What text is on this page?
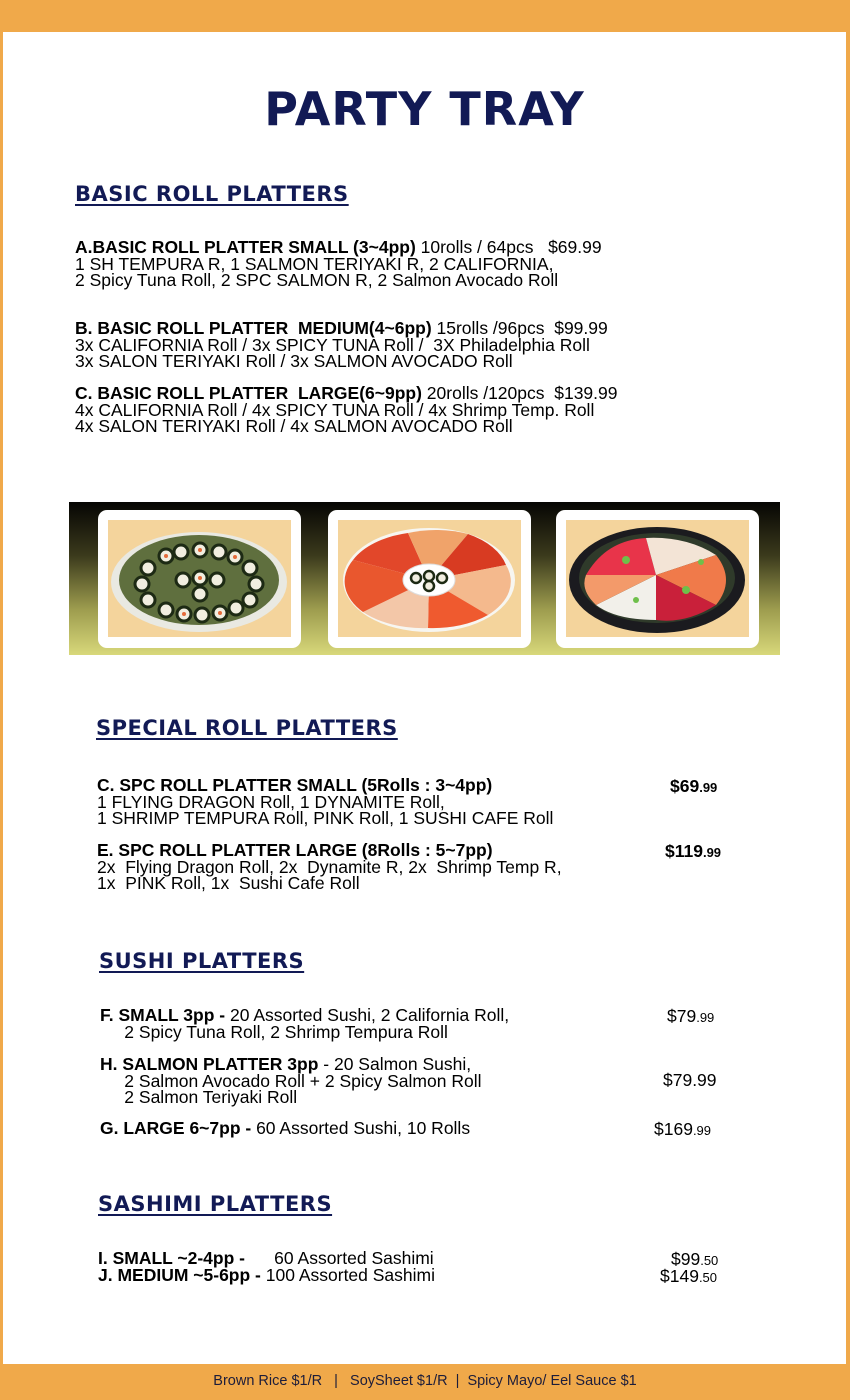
PARTY TRAY
BASIC ROLL PLATTERS
A.BASIC ROLL PLATTER SMALL (3~4pp) 10rolls / 64pcs   $69.99
1 SH TEMPURA R, 1 SALMON TERIYAKI R, 2 CALIFORNIA,
2 Spicy Tuna Roll, 2 SPC SALMON R, 2 Salmon Avocado Roll
B. BASIC ROLL PLATTER  MEDIUM(4~6pp) 15rolls /96pcs  $99.99
3x CALIFORNIA Roll / 3x SPICY TUNA Roll /  3X Philadelphia Roll
3x SALON TERIYAKI Roll / 3x SALMON AVOCADO Roll
C. BASIC ROLL PLATTER  LARGE(6~9pp) 20rolls /120pcs  $139.99
4x CALIFORNIA Roll / 4x SPICY TUNA Roll / 4x Shrimp Temp. Roll
4x SALON TERIYAKI Roll / 4x SALMON AVOCADO Roll
SPECIAL ROLL PLATTERS
C. SPC ROLL PLATTER SMALL (5Rolls : 3~4pp)
1 FLYING DRAGON Roll, 1 DYNAMITE Roll,
1 SHRIMP TEMPURA Roll, PINK Roll, 1 SUSHI CAFE Roll
$69.99
E. SPC ROLL PLATTER LARGE (8Rolls : 5~7pp)
2x  Flying Dragon Roll, 2x  Dynamite R, 2x  Shrimp Temp R,
1x  PINK Roll, 1x  Sushi Cafe Roll
$119.99
SUSHI PLATTERS
F. SMALL 3pp - 20 Assorted Sushi, 2 California Roll,
2 Spicy Tuna Roll, 2 Shrimp Tempura Roll
$79.99
H. SALMON PLATTER 3pp - 20 Salmon Sushi,
2 Salmon Avocado Roll + 2 Spicy Salmon Roll
2 Salmon Teriyaki Roll
$79.99
G. LARGE 6~7pp - 60 Assorted Sushi, 10 Rolls	$169.99
SASHIMI PLATTERS
I. SMALL ~2-4pp -      60 Assorted Sashimi	$99.50
J. MEDIUM ~5-6pp - 100 Assorted Sashimi	$149.50
Brown Rice $1/R   |   SoySheet $1/R  |  Spicy Mayo/ Eel Sauce $1
